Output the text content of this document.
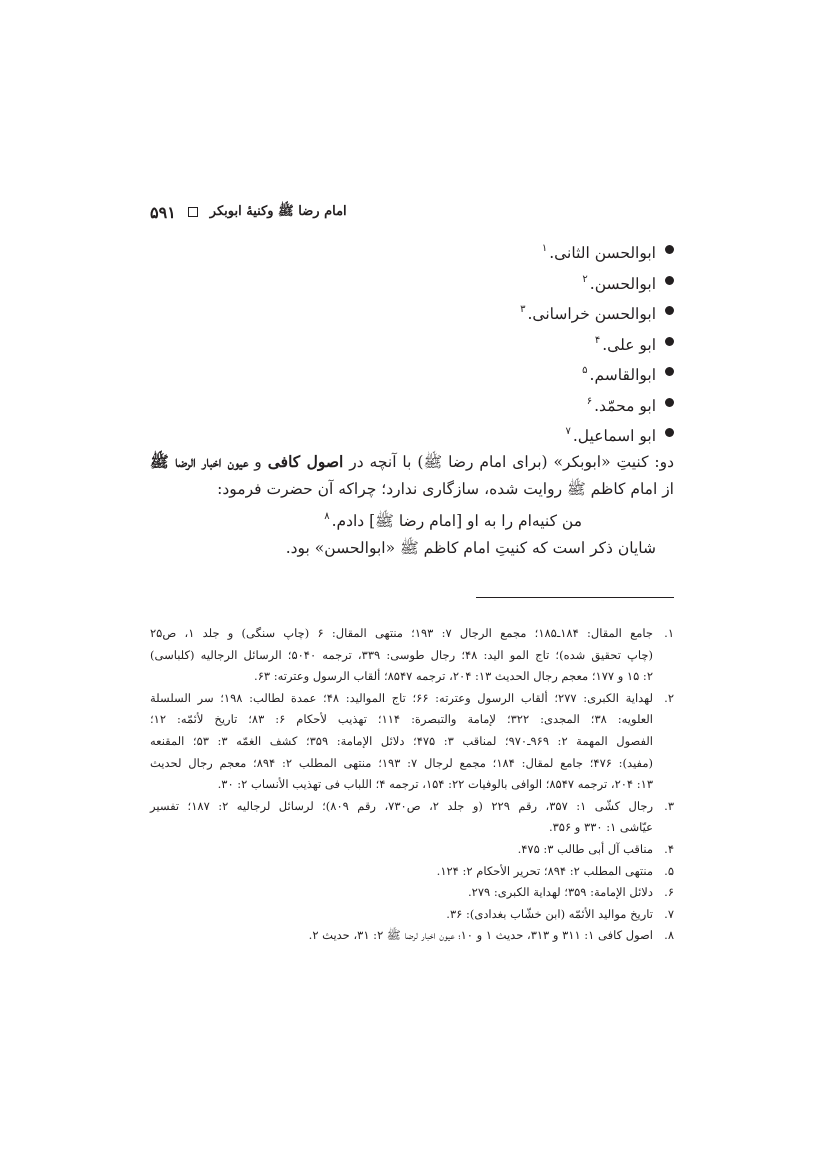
امام رضا ﷺ وکنیهٔ ابوبکر
۵۹۱
ابوالحسن الثانی.$^۱$
ابوالحسن.$^۲$
ابوالحسن خراسانی.$^۳$
ابو علی.$^۴$
ابوالقاسم.$^۵$
ابو محمّد.$^۶$
ابو اسماعیل.$^۷$

دو: کنیتِ «ابوبکر» (برای امام رضا ﷺ) با آنچه در اصول کافی و عیون اخبار الرضا ﷺ از امام کاظم ﷺ روایت شده، سازگاری ندارد؛ چراکه آن حضرت فرمود:

من کنیه‌ام را به او [امام رضا ﷺ] دادم.$^۸$
شایان ذکر است که کنیتِ امام کاظم ﷺ «ابوالحسن» بود.
۱.
جامع المقال: ۱۸۴ـ۱۸۵؛ مجمع الرجال ۷: ۱۹۳؛ منتهی المقال: ۶ (چاپ سنگی) و جلد ۱، ص۲۵
(چاپ تحقیق شده)؛ تاج المو الید: ۴۸؛ رجال طوسی: ۳۳۹، ترجمه ۵۰۴۰؛ الرسائل الرجالیه (کلباسی)
۲: ۱۵ و ۱۷۷؛ معجم رجال الحدیث ۱۳: ۲۰۴، ترجمه ۸۵۴۷؛ ألقاب الرسول وعترته: ۶۳.
۲.
لهدایة الکبری: ۲۷۷؛ ألقاب الرسول وعترته: ۶۶؛ تاج الموالید: ۴۸؛ عمدة لطالب: ۱۹۸؛ سر السلسلة
العلویه: ۳۸؛ المجدی: ۳۲۲؛ لإمامة والتبصرة: ۱۱۴؛ تهذیب لأحکام ۶: ۸۳؛ تاریخ لأئمّه: ۱۲؛
الفصول المهمة ۲: ۹۶۹ـ۹۷۰؛ لمناقب ۳: ۴۷۵؛ دلائل الإمامة: ۳۵۹؛ کشف الغمّه ۳: ۵۳؛ المقنعه
(مفید): ۴۷۶؛ جامع لمقال: ۱۸۴؛ مجمع لرجال ۷: ۱۹۳؛ منتهی المطلب ۲: ۸۹۴؛ معجم رجال لحدیث
۱۳: ۲۰۴، ترجمه ۸۵۴۷؛ الوافی بالوفیات ۲۲: ۱۵۴، ترجمه ۴؛ اللباب فی تهذیب الأنساب ۲: ۳۰.
۳.
رجال کشّی ۱: ۳۵۷، رقم ۲۲۹ (و جلد ۲، ص۷۳۰، رقم ۸۰۹)؛ لرسائل لرجالیه ۲: ۱۸۷؛ تفسیر
عیّاشی ۱: ۳۳۰ و ۳۵۶.
۴.
مناقب آل أبی طالب ۳: ۴۷۵.
۵.
منتهی المطلب ۲: ۸۹۴؛ تحریر الأحکام ۲: ۱۲۴.
۶.
دلائل الإمامة: ۳۵۹؛ لهدایة الکبری: ۲۷۹.
۷.
تاریخ موالید الأئمّه (ابن خشّاب بغدادی): ۳۶.
۸.
اصول کافی ۱: ۳۱۱ و ۳۱۳، حدیث ۱ و ۱۰؛ عیون اخبار لرضا ﷺ ۲: ۳۱، حدیث ۲.
